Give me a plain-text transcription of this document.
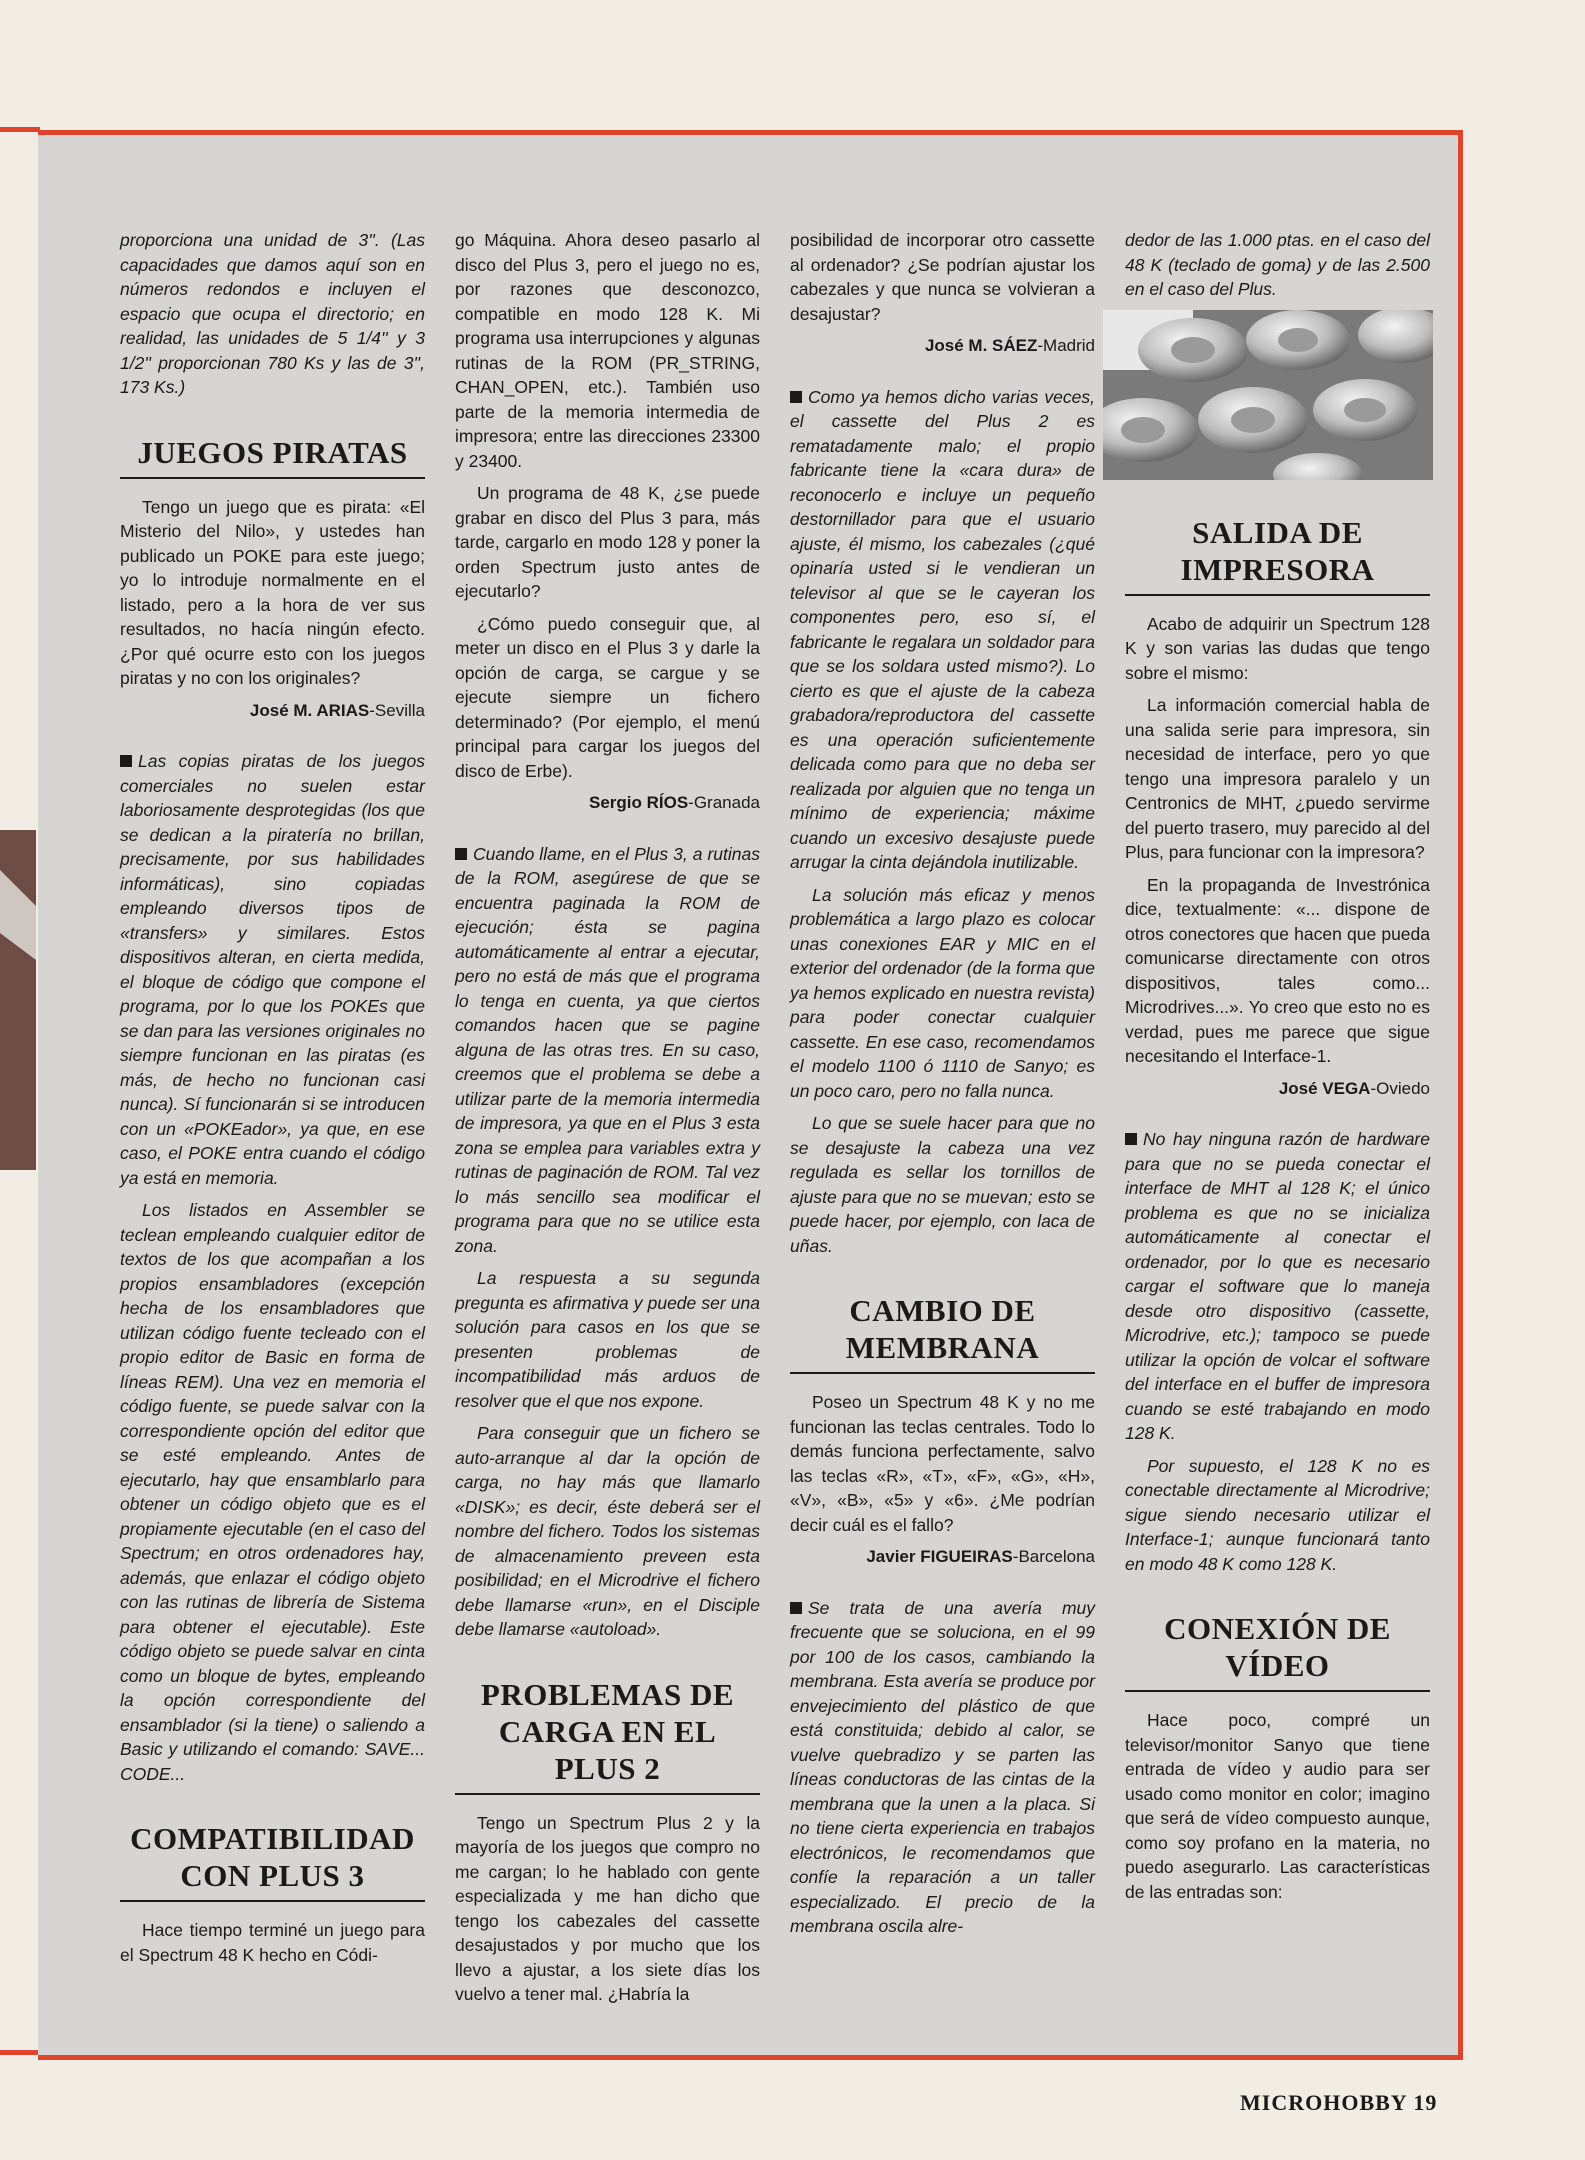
proporciona una unidad de 3''. (Las capacidades que damos aquí son en números redondos e incluyen el espacio que ocupa el directorio; en realidad, las unidades de 5 1/4'' y 3 1/2'' proporcionan 780 Ks y las de 3'', 173 Ks.)

JUEGOS PIRATAS

Tengo un juego que es pirata: «El Misterio del Nilo», y ustedes han publicado un POKE para este juego; yo lo introduje normalmente en el listado, pero a la hora de ver sus resultados, no hacía ningún efecto. ¿Por qué ocurre esto con los juegos piratas y no con los originales?

José M. ARIAS-Sevilla

Las copias piratas de los juegos comerciales no suelen estar laboriosamente desprotegidas (los que se dedican a la piratería no brillan, precisamente, por sus habilidades informáticas), sino copiadas empleando diversos tipos de «transfers» y similares. Estos dispositivos alteran, en cierta medida, el bloque de código que compone el programa, por lo que los POKEs que se dan para las versiones originales no siempre funcionan en las piratas (es más, de hecho no funcionan casi nunca). Sí funcionarán si se introducen con un «POKEador», ya que, en ese caso, el POKE entra cuando el código ya está en memoria.

Los listados en Assembler se teclean empleando cualquier editor de textos de los que acompañan a los propios ensambladores (excepción hecha de los ensambladores que utilizan código fuente tecleado con el propio editor de Basic en forma de líneas REM). Una vez en memoria el código fuente, se puede salvar con la correspondiente opción del editor que se esté empleando. Antes de ejecutarlo, hay que ensamblarlo para obtener un código objeto que es el propiamente ejecutable (en el caso del Spectrum; en otros ordenadores hay, además, que enlazar el código objeto con las rutinas de librería de Sistema para obtener el ejecutable). Este código objeto se puede salvar en cinta como un bloque de bytes, empleando la opción correspondiente del ensamblador (si la tiene) o saliendo a Basic y utilizando el comando: SAVE... CODE...

COMPATIBILIDAD CON PLUS 3

Hace tiempo terminé un juego para el Spectrum 48 K hecho en Códi-

go Máquina. Ahora deseo pasarlo al disco del Plus 3, pero el juego no es, por razones que desconozco, compatible en modo 128 K. Mi programa usa interrupciones y algunas rutinas de la ROM (PR_STRING, CHAN_OPEN, etc.). También uso parte de la memoria intermedia de impresora; entre las direcciones 23300 y 23400.

Un programa de 48 K, ¿se puede grabar en disco del Plus 3 para, más tarde, cargarlo en modo 128 y poner la orden Spectrum justo antes de ejecutarlo?

¿Cómo puedo conseguir que, al meter un disco en el Plus 3 y darle la opción de carga, se cargue y se ejecute siempre un fichero determinado? (Por ejemplo, el menú principal para cargar los juegos del disco de Erbe).

Sergio RÍOS-Granada

Cuando llame, en el Plus 3, a rutinas de la ROM, asegúrese de que se encuentra paginada la ROM de ejecución; ésta se pagina automáticamente al entrar a ejecutar, pero no está de más que el programa lo tenga en cuenta, ya que ciertos comandos hacen que se pagine alguna de las otras tres. En su caso, creemos que el problema se debe a utilizar parte de la memoria intermedia de impresora, ya que en el Plus 3 esta zona se emplea para variables extra y rutinas de paginación de ROM. Tal vez lo más sencillo sea modificar el programa para que no se utilice esta zona.

La respuesta a su segunda pregunta es afirmativa y puede ser una solución para casos en los que se presenten problemas de incompatibilidad más arduos de resolver que el que nos expone.

Para conseguir que un fichero se auto-arranque al dar la opción de carga, no hay más que llamarlo «DISK»; es decir, éste deberá ser el nombre del fichero. Todos los sistemas de almacenamiento preveen esta posibilidad; en el Microdrive el fichero debe llamarse «run», en el Disciple debe llamarse «autoload».

PROBLEMAS DE CARGA EN EL PLUS 2

Tengo un Spectrum Plus 2 y la mayoría de los juegos que compro no me cargan; lo he hablado con gente especializada y me han dicho que tengo los cabezales del cassette desajustados y por mucho que los llevo a ajustar, a los siete días los vuelvo a tener mal. ¿Habría la

posibilidad de incorporar otro cassette al ordenador? ¿Se podrían ajustar los cabezales y que nunca se volvieran a desajustar?

José M. SÁEZ-Madrid

Como ya hemos dicho varias veces, el cassette del Plus 2 es rematadamente malo; el propio fabricante tiene la «cara dura» de reconocerlo e incluye un pequeño destornillador para que el usuario ajuste, él mismo, los cabezales (¿qué opinaría usted si le vendieran un televisor al que se le cayeran los componentes pero, eso sí, el fabricante le regalara un soldador para que se los soldara usted mismo?). Lo cierto es que el ajuste de la cabeza grabadora/reproductora del cassette es una operación suficientemente delicada como para que no deba ser realizada por alguien que no tenga un mínimo de experiencia; máxime cuando un excesivo desajuste puede arrugar la cinta dejándola inutilizable.

La solución más eficaz y menos problemática a largo plazo es colocar unas conexiones EAR y MIC en el exterior del ordenador (de la forma que ya hemos explicado en nuestra revista) para poder conectar cualquier cassette. En ese caso, recomendamos el modelo 1100 ó 1110 de Sanyo; es un poco caro, pero no falla nunca.

Lo que se suele hacer para que no se desajuste la cabeza una vez regulada es sellar los tornillos de ajuste para que no se muevan; esto se puede hacer, por ejemplo, con laca de uñas.

CAMBIO DE MEMBRANA

Poseo un Spectrum 48 K y no me funcionan las teclas centrales. Todo lo demás funciona perfectamente, salvo las teclas «R», «T», «F», «G», «H», «V», «B», «5» y «6». ¿Me podrían decir cuál es el fallo?

Javier FIGUEIRAS-Barcelona

Se trata de una avería muy frecuente que se soluciona, en el 99 por 100 de los casos, cambiando la membrana. Esta avería se produce por envejecimiento del plástico de que está constituida; debido al calor, se vuelve quebradizo y se parten las líneas conductoras de las cintas de la membrana que la unen a la placa. Si no tiene cierta experiencia en trabajos electrónicos, le recomendamos que confíe la reparación a un taller especializado. El precio de la membrana oscila alre-

dedor de las 1.000 ptas. en el caso del 48 K (teclado de goma) y de las 2.500 en el caso del Plus.

SALIDA DE IMPRESORA

Acabo de adquirir un Spectrum 128 K y son varias las dudas que tengo sobre el mismo:

La información comercial habla de una salida serie para impresora, sin necesidad de interface, pero yo que tengo una impresora paralelo y un Centronics de MHT, ¿puedo servirme del puerto trasero, muy parecido al del Plus, para funcionar con la impresora?

En la propaganda de Investrónica dice, textualmente: «... dispone de otros conectores que hacen que pueda comunicarse directamente con otros dispositivos, tales como... Microdrives...». Yo creo que esto no es verdad, pues me parece que sigue necesitando el Interface-1.

José VEGA-Oviedo

No hay ninguna razón de hardware para que no se pueda conectar el interface de MHT al 128 K; el único problema es que no se inicializa automáticamente al conectar el ordenador, por lo que es necesario cargar el software que lo maneja desde otro dispositivo (cassette, Microdrive, etc.); tampoco se puede utilizar la opción de volcar el software del interface en el buffer de impresora cuando se esté trabajando en modo 128 K.

Por supuesto, el 128 K no es conectable directamente al Microdrive; sigue siendo necesario utilizar el Interface-1; aunque funcionará tanto en modo 48 K como 128 K.

CONEXIÓN DE VÍDEO

Hace poco, compré un televisor/monitor Sanyo que tiene entrada de vídeo y audio para ser usado como monitor en color; imagino que será de vídeo compuesto aunque, como soy profano en la materia, no puedo asegurarlo. Las características de las entradas son:

MICROHOBBY 19
